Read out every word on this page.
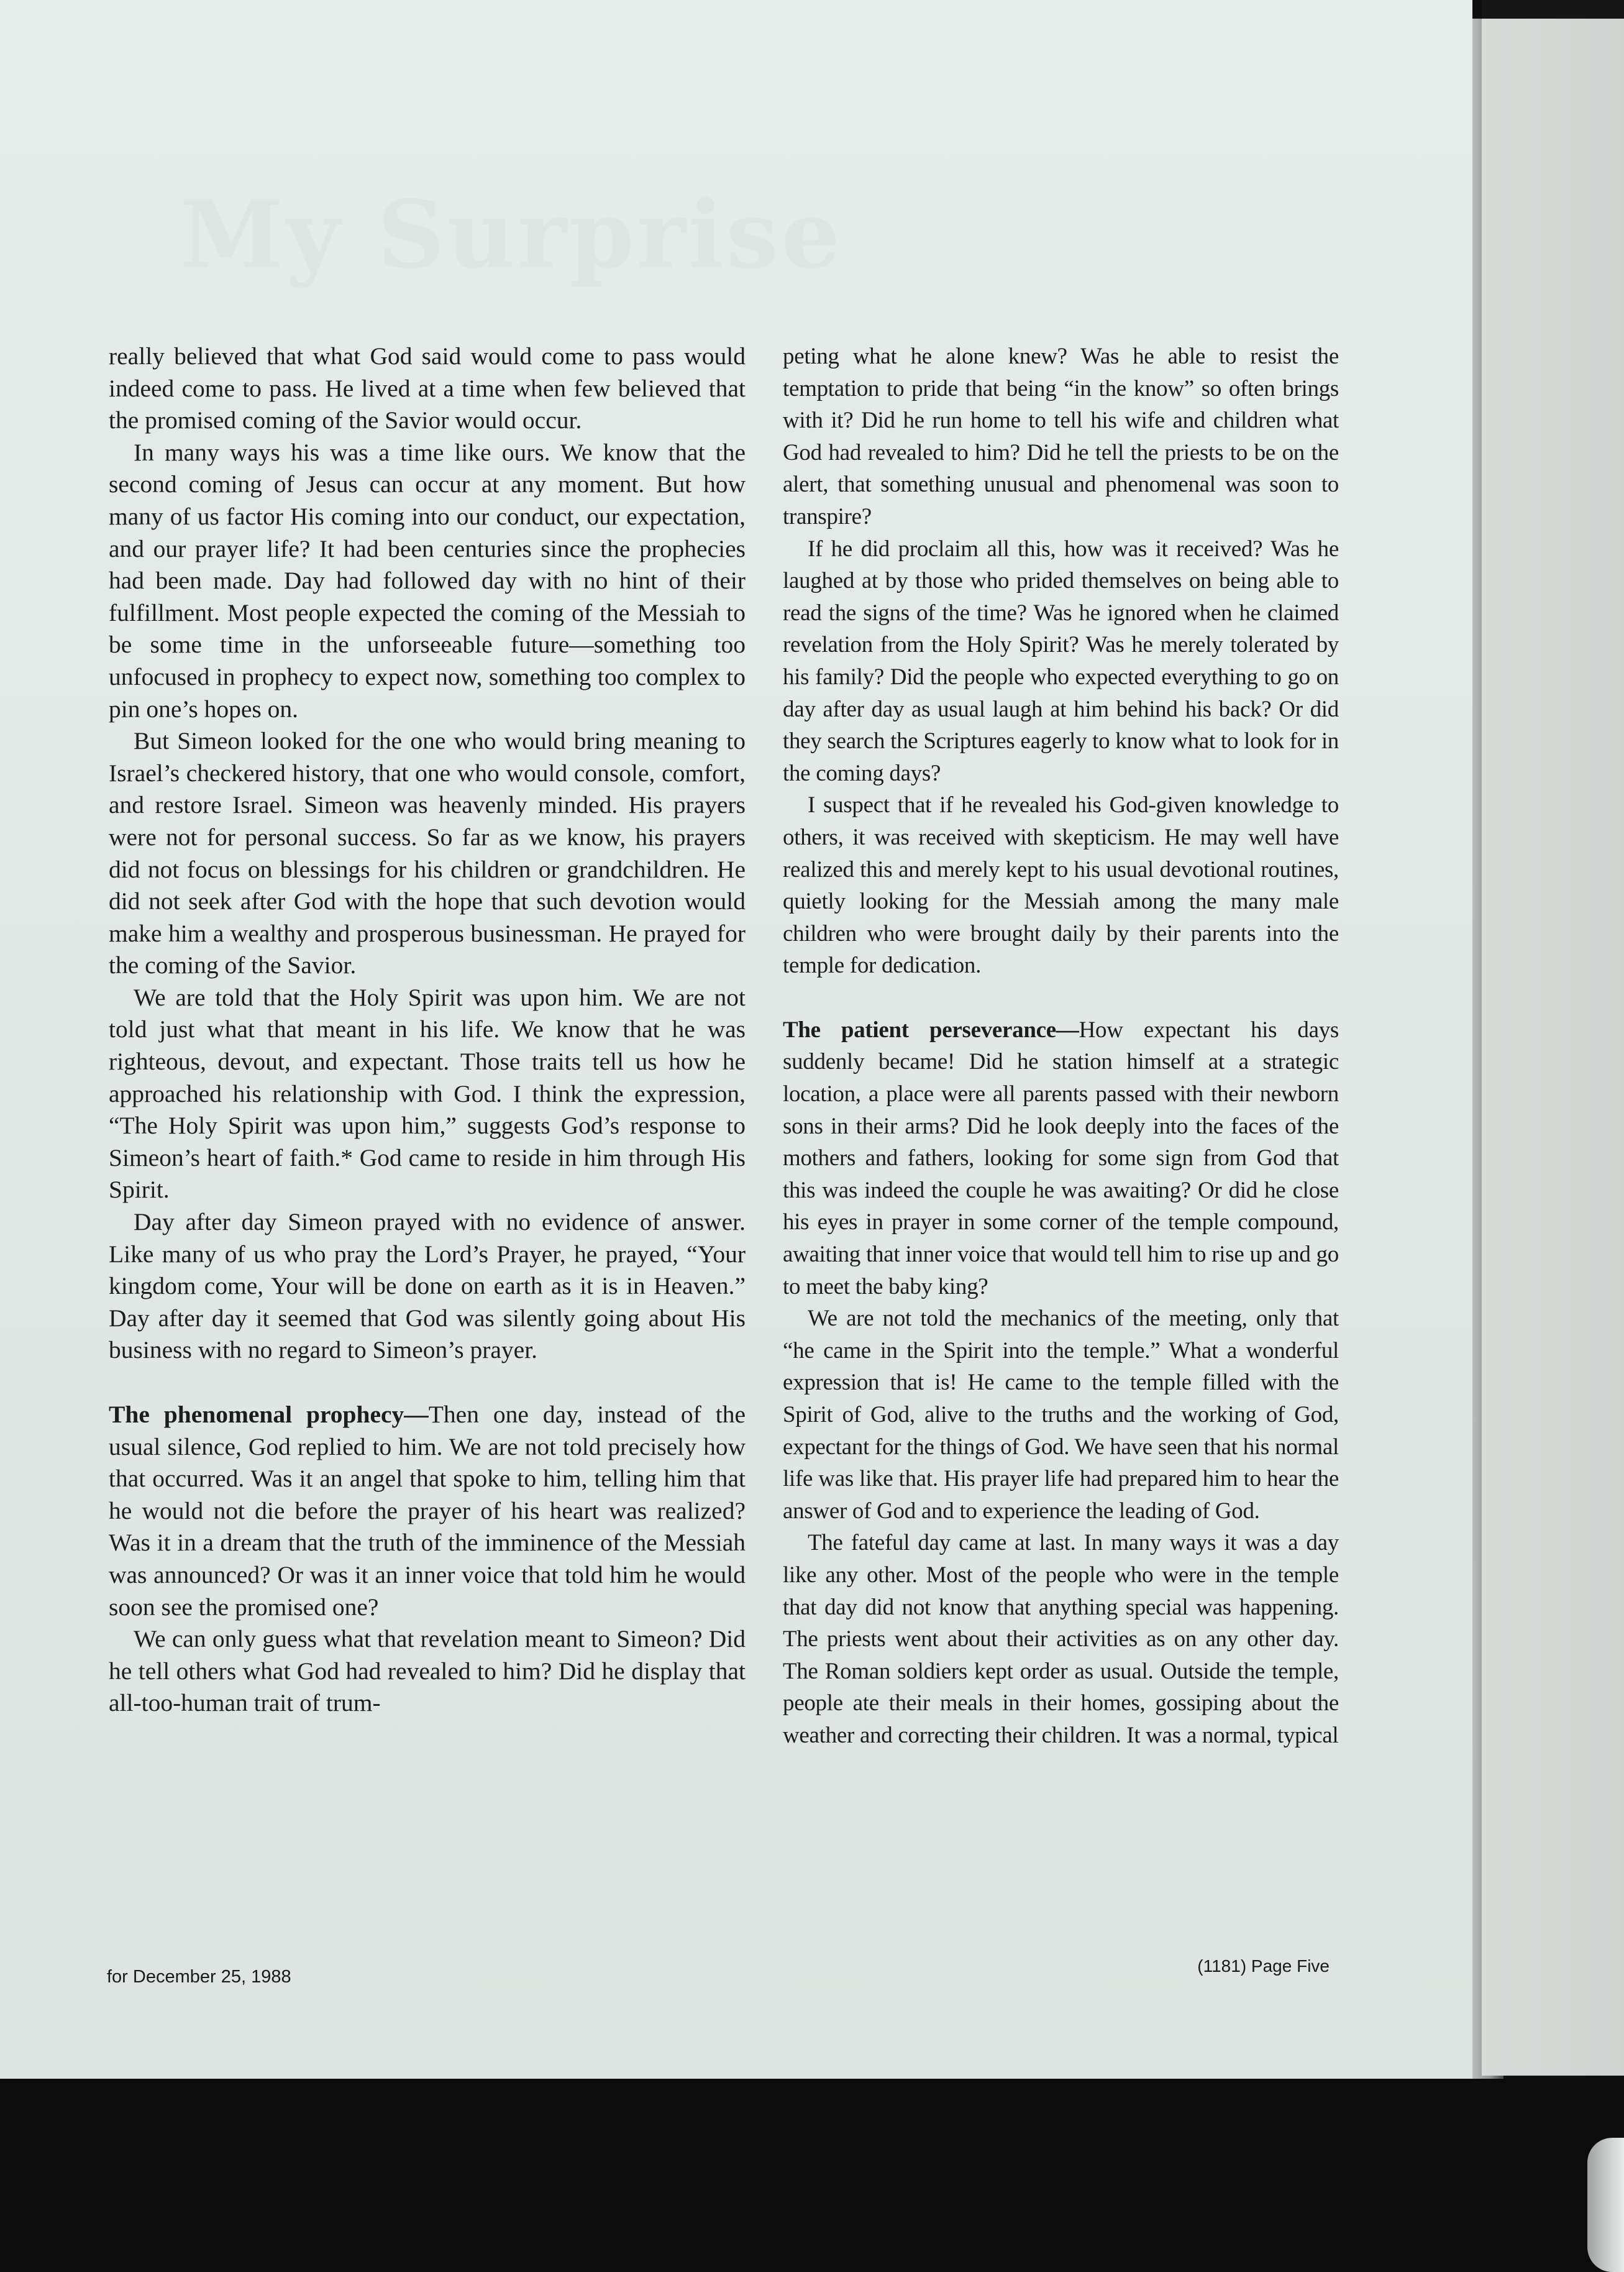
My Surprise

really believed that what God said would come to pass would indeed come to pass. He lived at a time when few believed that the promised coming of the Savior would occur.

In many ways his was a time like ours. We know that the second coming of Jesus can occur at any moment. But how many of us factor His coming into our conduct, our expectation, and our prayer life? It had been centuries since the prophecies had been made. Day had followed day with no hint of their fulfillment. Most people expected the coming of the Messiah to be some time in the unforseeable future—something too unfocused in prophecy to expect now, something too complex to pin one’s hopes on.

But Simeon looked for the one who would bring meaning to Israel’s checkered history, that one who would console, comfort, and restore Israel. Simeon was heavenly minded. His prayers were not for personal success. So far as we know, his prayers did not focus on blessings for his children or grandchildren. He did not seek after God with the hope that such devotion would make him a wealthy and prosperous businessman. He prayed for the coming of the Savior.

We are told that the Holy Spirit was upon him. We are not told just what that meant in his life. We know that he was righteous, devout, and expectant. Those traits tell us how he approached his relationship with God. I think the expression, “The Holy Spirit was upon him,” suggests God’s response to Simeon’s heart of faith.* God came to reside in him through His Spirit.

Day after day Simeon prayed with no evidence of answer. Like many of us who pray the Lord’s Prayer, he prayed, “Your kingdom come, Your will be done on earth as it is in Heaven.” Day after day it seemed that God was silently going about His business with no regard to Simeon’s prayer.

The phenomenal prophecy—Then one day, instead of the usual silence, God replied to him. We are not told precisely how that occurred. Was it an angel that spoke to him, telling him that he would not die before the prayer of his heart was realized? Was it in a dream that the truth of the imminence of the Messiah was announced? Or was it an inner voice that told him he would soon see the promised one?

We can only guess what that revelation meant to Simeon? Did he tell others what God had revealed to him? Did he display that all-too-human trait of trum-

peting what he alone knew? Was he able to resist the temptation to pride that being “in the know” so often brings with it? Did he run home to tell his wife and children what God had revealed to him? Did he tell the priests to be on the alert, that something unusual and phenomenal was soon to transpire?

If he did proclaim all this, how was it received? Was he laughed at by those who prided themselves on being able to read the signs of the time? Was he ignored when he claimed revelation from the Holy Spirit? Was he merely tolerated by his family? Did the people who expected everything to go on day after day as usual laugh at him behind his back? Or did they search the Scriptures eagerly to know what to look for in the coming days?

I suspect that if he revealed his God-given knowledge to others, it was received with skepticism. He may well have realized this and merely kept to his usual devotional routines, quietly looking for the Messiah among the many male children who were brought daily by their parents into the temple for dedication.

The patient perseverance—How expectant his days suddenly became! Did he station himself at a strategic location, a place were all parents passed with their newborn sons in their arms? Did he look deeply into the faces of the mothers and fathers, looking for some sign from God that this was indeed the couple he was awaiting? Or did he close his eyes in prayer in some corner of the temple compound, awaiting that inner voice that would tell him to rise up and go to meet the baby king?

We are not told the mechanics of the meeting, only that “he came in the Spirit into the temple.” What a wonderful expression that is! He came to the temple filled with the Spirit of God, alive to the truths and the working of God, expectant for the things of God. We have seen that his normal life was like that. His prayer life had prepared him to hear the answer of God and to experience the leading of God.

The fateful day came at last. In many ways it was a day like any other. Most of the people who were in the temple that day did not know that anything special was happening. The priests went about their activities as on any other day. The Roman soldiers kept order as usual. Outside the temple, people ate their meals in their homes, gossiping about the weather and correcting their children. It was a normal, typical

for December 25, 1988
(1181) Page Five
